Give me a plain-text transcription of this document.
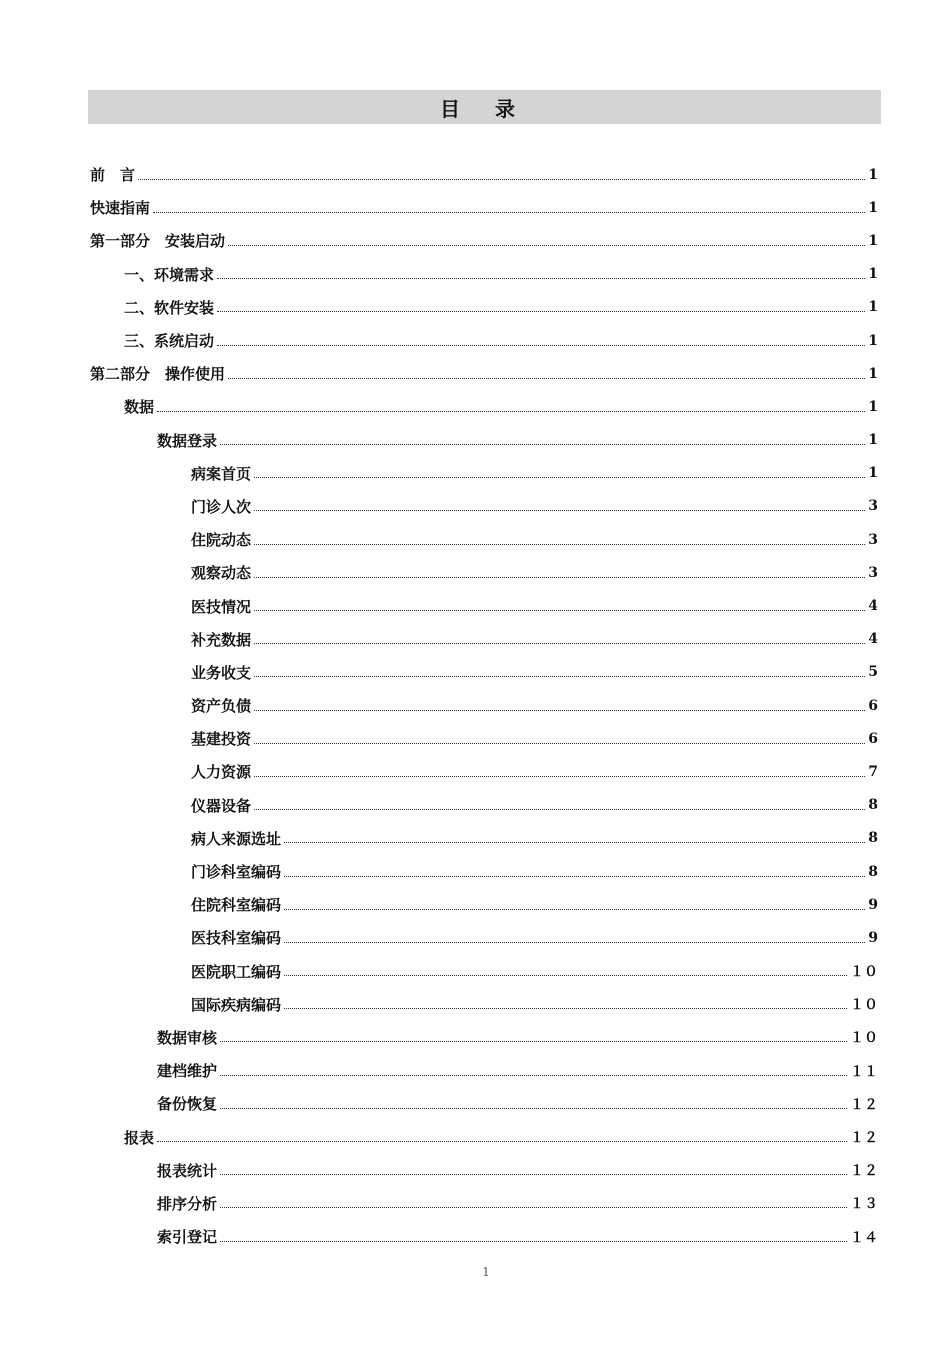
目 录
前　言	1
快速指南	1
第一部分　安装启动	1
一、环境需求	1
二、软件安装	1
三、系统启动	1
第二部分　操作使用	1
数据	1
数据登录	1
病案首页	1
门诊人次	3
住院动态	3
观察动态	3
医技情况	4
补充数据	4
业务收支	5
资产负债	6
基建投资	6
人力资源	7
仪器设备	8
病人来源选址	8
门诊科室编码	8
住院科室编码	9
医技科室编码	9
医院职工编码	１０
国际疾病编码	１０
数据审核	１０
建档维护	１１
备份恢复	１２
报表	１２
报表统计	１２
排序分析	１３
索引登记	１４
1
